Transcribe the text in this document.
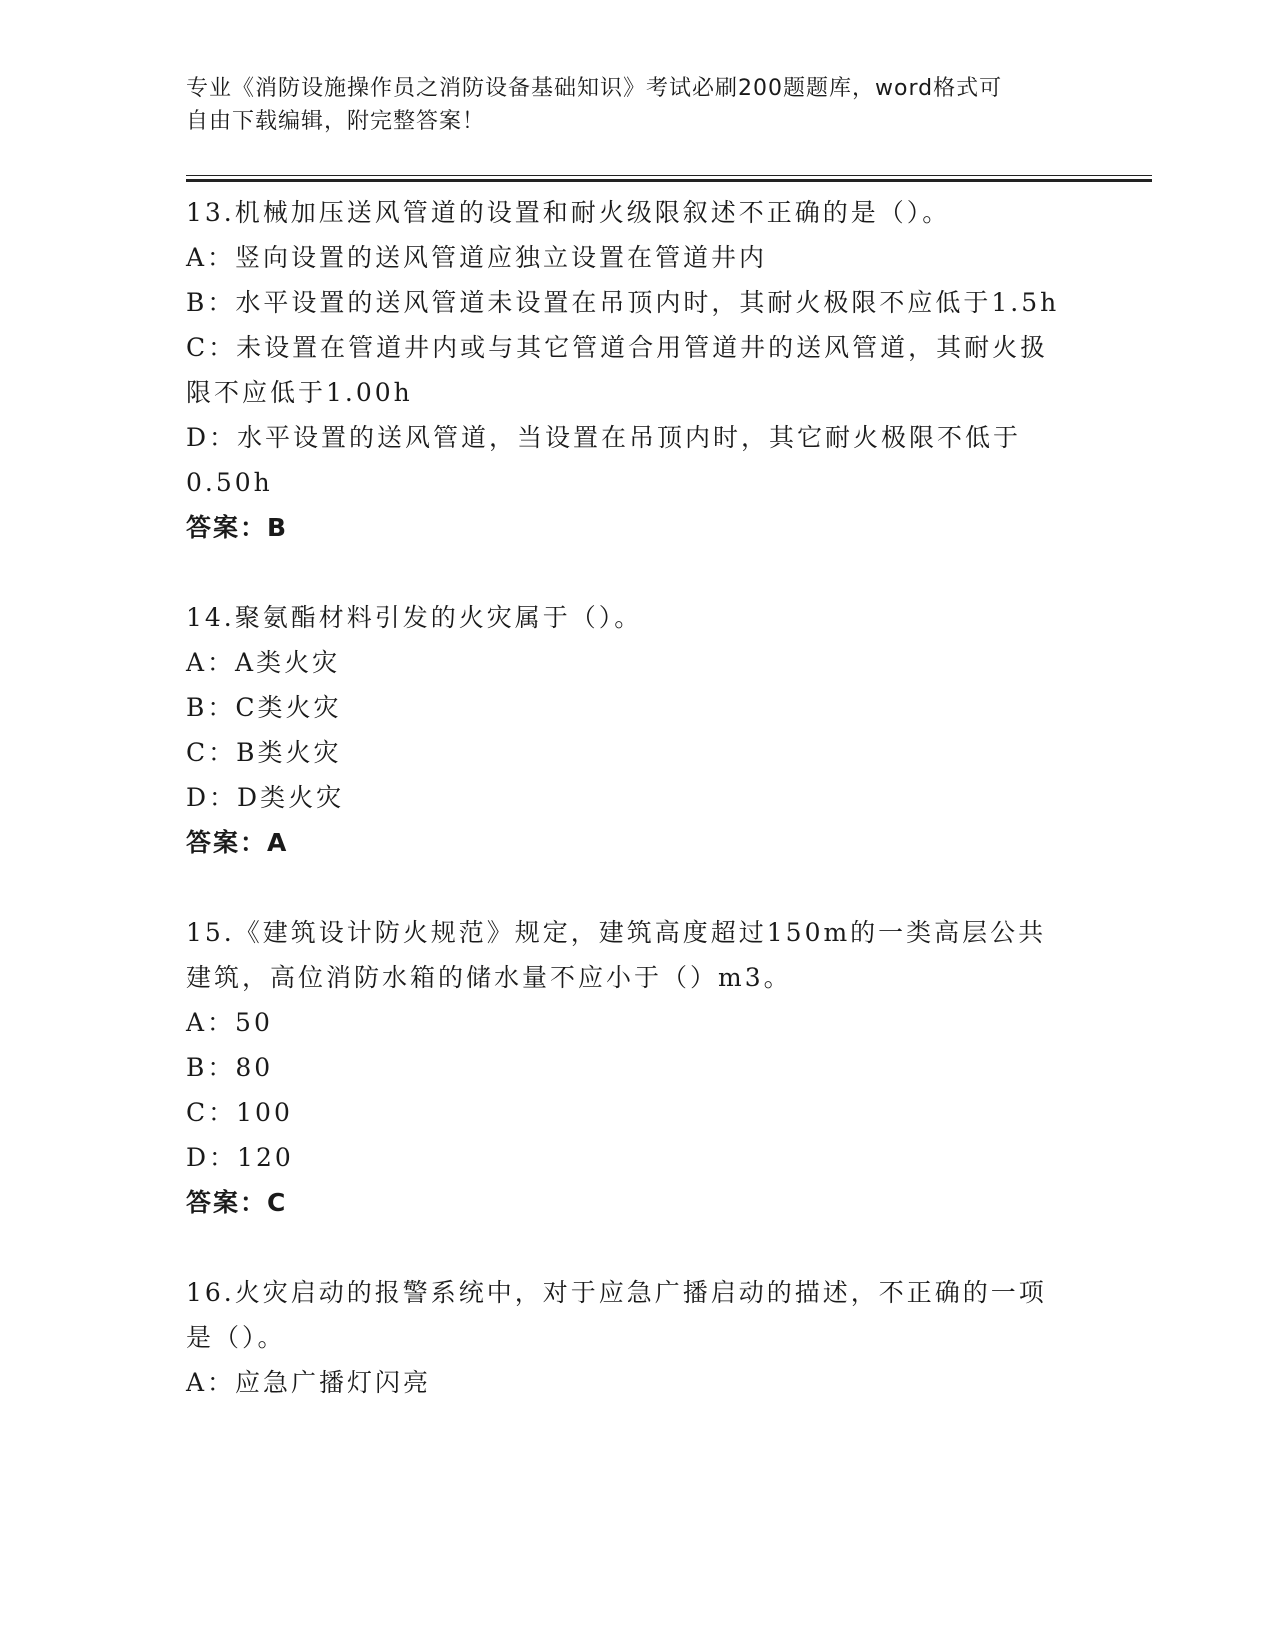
专业《消防设施操作员之消防设备基础知识》考试必刷200题题库，word格式可
自由下载编辑，附完整答案！
13.机械加压送风管道的设置和耐火级限叙述不正确的是（）。
A：竖向设置的送风管道应独立设置在管道井内
B：水平设置的送风管道未设置在吊顶内时，其耐火极限不应低于1.5h
C：未设置在管道井内或与其它管道合用管道井的送风管道，其耐火扱
限不应低于1.00h
D：水平设置的送风管道，当设置在吊顶内时，其它耐火极限不低于
0.50h
答案：B
14.聚氨酯材料引发的火灾属于（）。
A：A类火灾
B：C类火灾
C：B类火灾
D：D类火灾
答案：A
15.《建筑设计防火规范》规定，建筑高度超过150m的一类高层公共
建筑，高位消防水箱的储水量不应小于（）m3。
A：50
B：80
C：100
D：120
答案：C
16.火灾启动的报警系统中，对于应急广播启动的描述，不正确的一项
是（）。
A：应急广播灯闪亮
